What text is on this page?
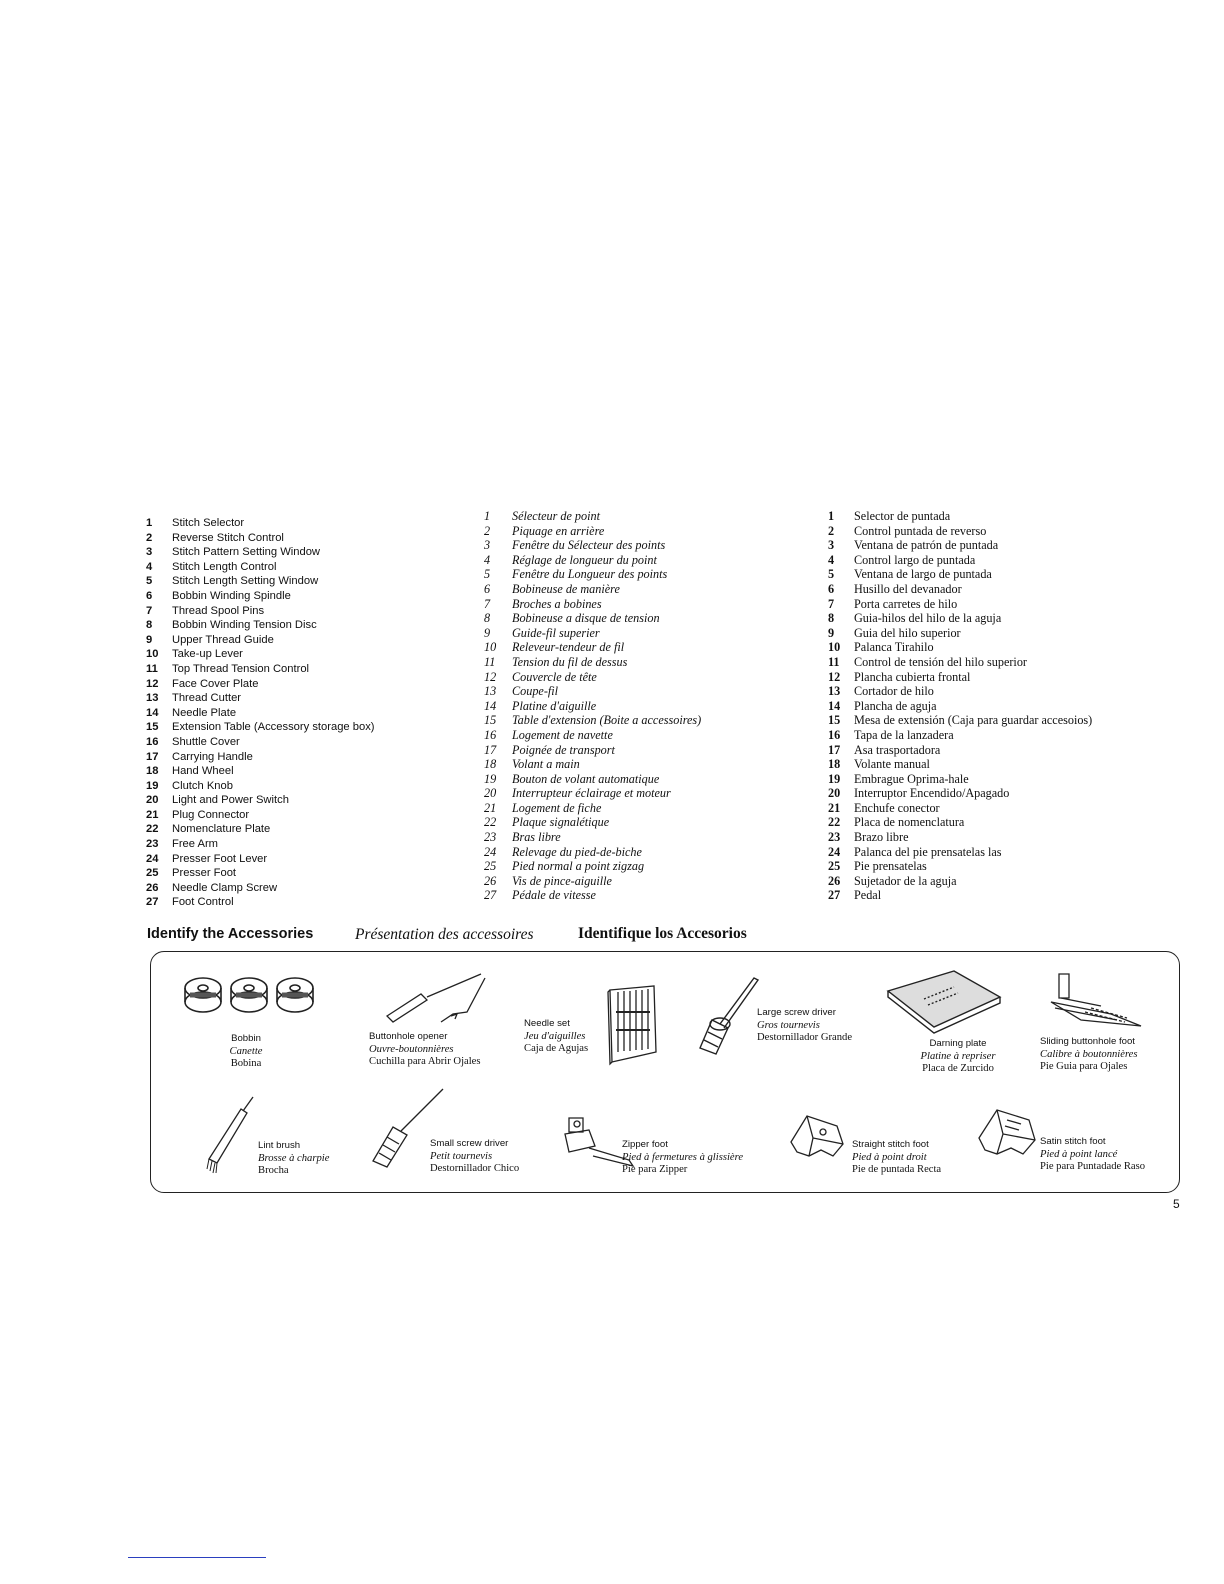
1	Stitch Selector
2	Reverse Stitch Control
3	Stitch Pattern Setting Window
4	Stitch Length Control
5	Stitch Length Setting Window
6	Bobbin Winding Spindle
7	Thread Spool Pins
8	Bobbin Winding Tension Disc
9	Upper Thread Guide
10	Take-up Lever
11	Top Thread Tension Control
12	Face Cover Plate
13	Thread Cutter
14	Needle Plate
15	Extension Table (Accessory storage box)
16	Shuttle Cover
17	Carrying Handle
18	Hand Wheel
19	Clutch Knob
20	Light and Power Switch
21	Plug Connector
22	Nomenclature Plate
23	Free Arm
24	Presser Foot Lever
25	Presser Foot
26	Needle Clamp Screw
27	Foot Control
1	Sélecteur de point
2	Piquage en arrière
3	Fenêtre du Sélecteur des points
4	Réglage de longueur du point
5	Fenêtre du Longueur des points
6	Bobineuse de manière
7	Broches a bobines
8	Bobineuse a disque de tension
9	Guide-fil superier
10	Releveur-tendeur de fil
11	Tension du fil de dessus
12	Couvercle de tête
13	Coupe-fil
14	Platine d'aiguille
15	Table d'extension (Boite a accessoires)
16	Logement de navette
17	Poignée de transport
18	Volant a main
19	Bouton de volant automatique
20	Interrupteur éclairage et moteur
21	Logement de fiche
22	Plaque signalétique
23	Bras libre
24	Relevage du pied-de-biche
25	Pied normal a point zigzag
26	Vis de pince-aiguille
27	Pédale de vitesse
1	Selector de puntada
2	Control puntada de reverso
3	Ventana de patrón de puntada
4	Control largo de puntada
5	Ventana de largo de puntada
6	Husillo del devanador
7	Porta carretes de hilo
8	Guia-hilos del hilo de la aguja
9	Guia del hilo superior
10	Palanca Tirahilo
11	Control de tensión del hilo superior
12	Plancha cubierta frontal
13	Cortador de hilo
14	Plancha de aguja
15	Mesa de extensión (Caja para guardar accesoios)
16	Tapa de la lanzadera
17	Asa trasportadora
18	Volante manual
19	Embrague Oprima-hale
20	Interruptor Encendido/Apagado
21	Enchufe conector
22	Placa de nomenclatura
23	Brazo libre
24	Palanca del pie prensatelas las
25	Pie prensatelas
26	Sujetador de la aguja
27	Pedal
Identify the Accessories	Présentation des accessoires	Identifique los Accesorios
Bobbin
Canette
Bobina
Buttonhole opener
Ouvre-boutonnières
Cuchilla para Abrir Ojales
Needle set
Jeu d'aiguilles
Caja de Agujas
Large screw driver
Gros tournevis
Destornillador Grande
Darning plate
Platine à repriser
Placa de Zurcido
Sliding buttonhole foot
Calibre à boutonnières
Pie Guia para Ojales
Lint brush
Brosse à charpie
Brocha
Small screw driver
Petit tournevis
Destornillador Chico
Zipper foot
Pied à fermetures à glissière
Pie para Zipper
Straight stitch foot
Pied à point droit
Pie de puntada Recta
Satin stitch foot
Pied à point lancé
Pie para Puntadade Raso
5
